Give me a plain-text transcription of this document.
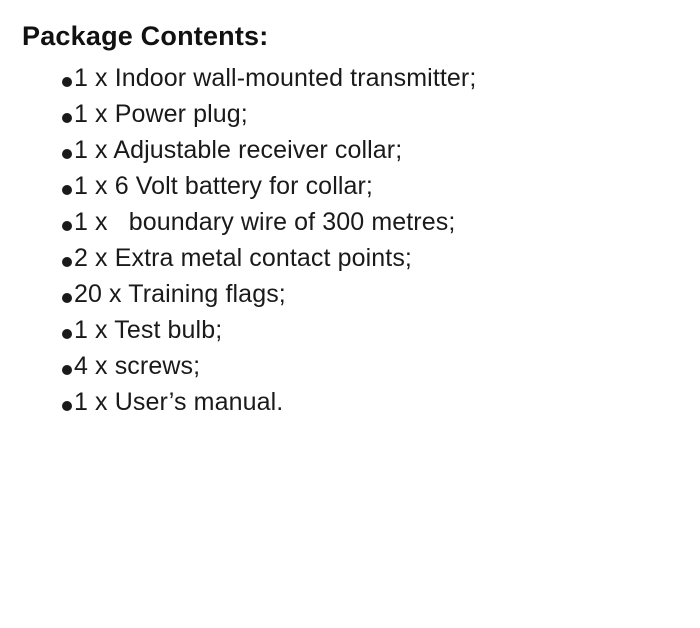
Package Contents:
1 x Indoor wall-mounted transmitter;
1 x Power plug;
1 x Adjustable receiver collar;
1 x 6 Volt battery for collar;
1 x   boundary wire of 300 metres;
2 x Extra metal contact points;
20 x Training flags;
1 x Test bulb;
4 x screws;
1 x User’s manual.
